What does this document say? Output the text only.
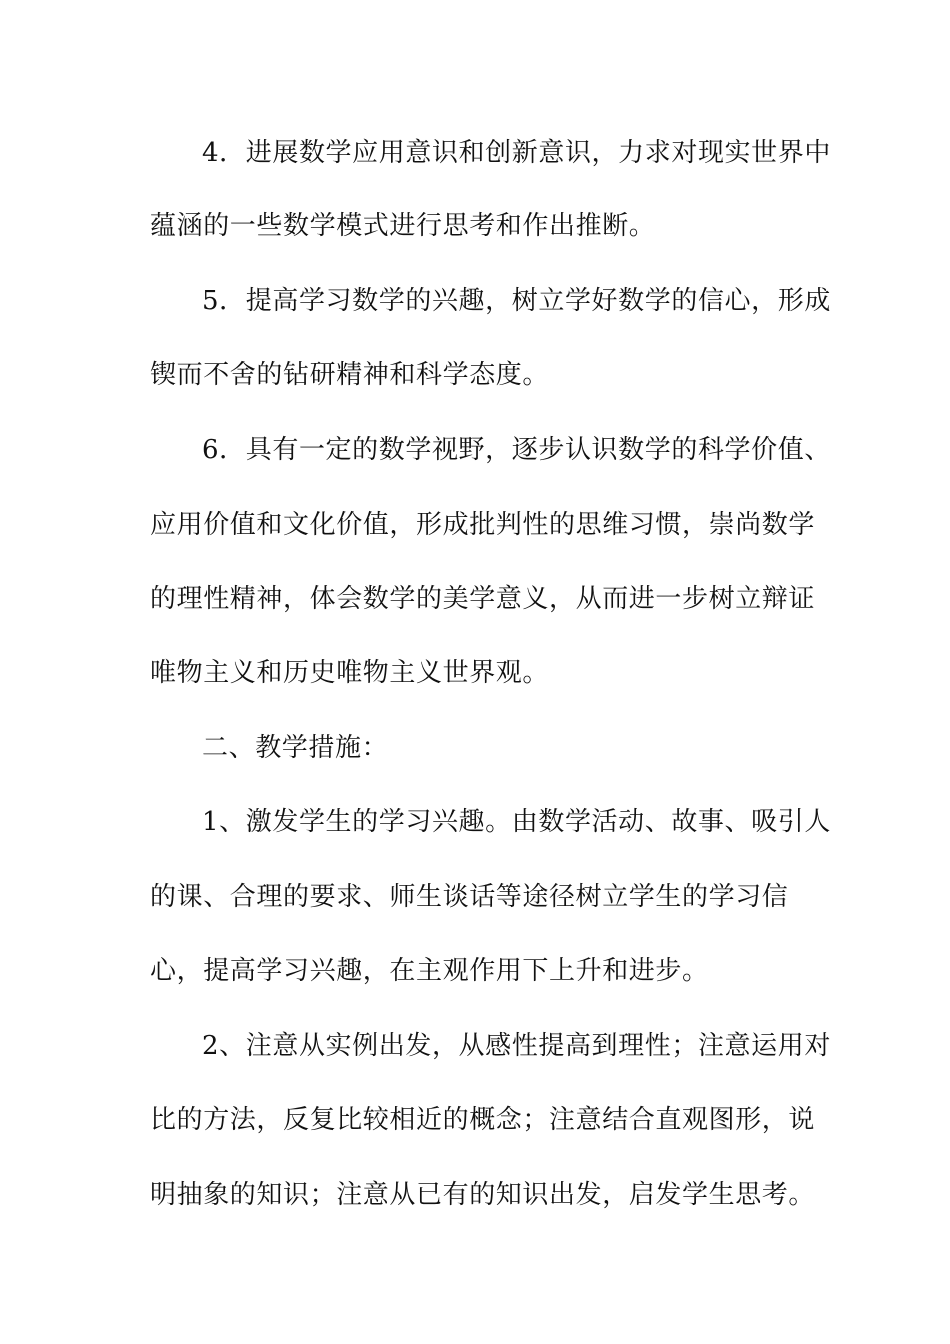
4．进展数学应用意识和创新意识，力求对现实世界中

蕴涵的一些数学模式进行思考和作出推断。

5．提高学习数学的兴趣，树立学好数学的信心，形成

锲而不舍的钻研精神和科学态度。

6．具有一定的数学视野，逐步认识数学的科学价值、

应用价值和文化价值，形成批判性的思维习惯，崇尚数学

的理性精神，体会数学的美学意义，从而进一步树立辩证

唯物主义和历史唯物主义世界观。

二、教学措施：

1、激发学生的学习兴趣。由数学活动、故事、吸引人

的课、合理的要求、师生谈话等途径树立学生的学习信

心，提高学习兴趣，在主观作用下上升和进步。

2、注意从实例出发，从感性提高到理性；注意运用对

比的方法，反复比较相近的概念；注意结合直观图形，说

明抽象的知识；注意从已有的知识出发，启发学生思考。
